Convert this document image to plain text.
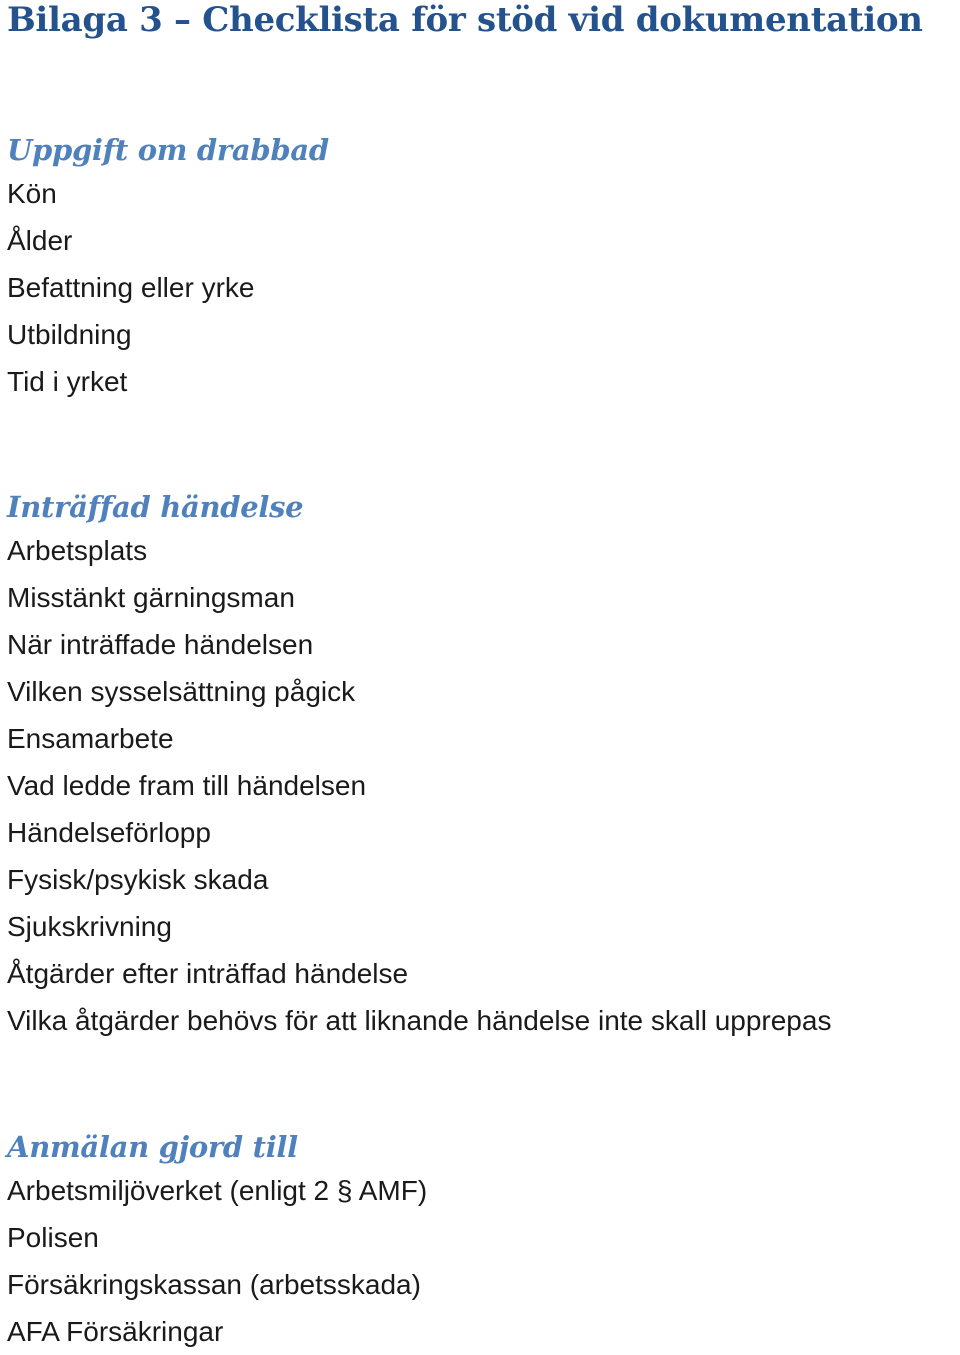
Bilaga 3 – Checklista för stöd vid dokumentation
Uppgift om drabbad
Kön
Ålder
Befattning eller yrke
Utbildning
Tid i yrket
Inträffad händelse
Arbetsplats
Misstänkt gärningsman
När inträffade händelsen
Vilken sysselsättning pågick
Ensamarbete
Vad ledde fram till händelsen
Händelseförlopp
Fysisk/psykisk skada
Sjukskrivning
Åtgärder efter inträffad händelse
Vilka åtgärder behövs för att liknande händelse inte skall upprepas
Anmälan gjord till
Arbetsmiljöverket (enligt 2 § AMF)
Polisen
Försäkringskassan (arbetsskada)
AFA Försäkringar
